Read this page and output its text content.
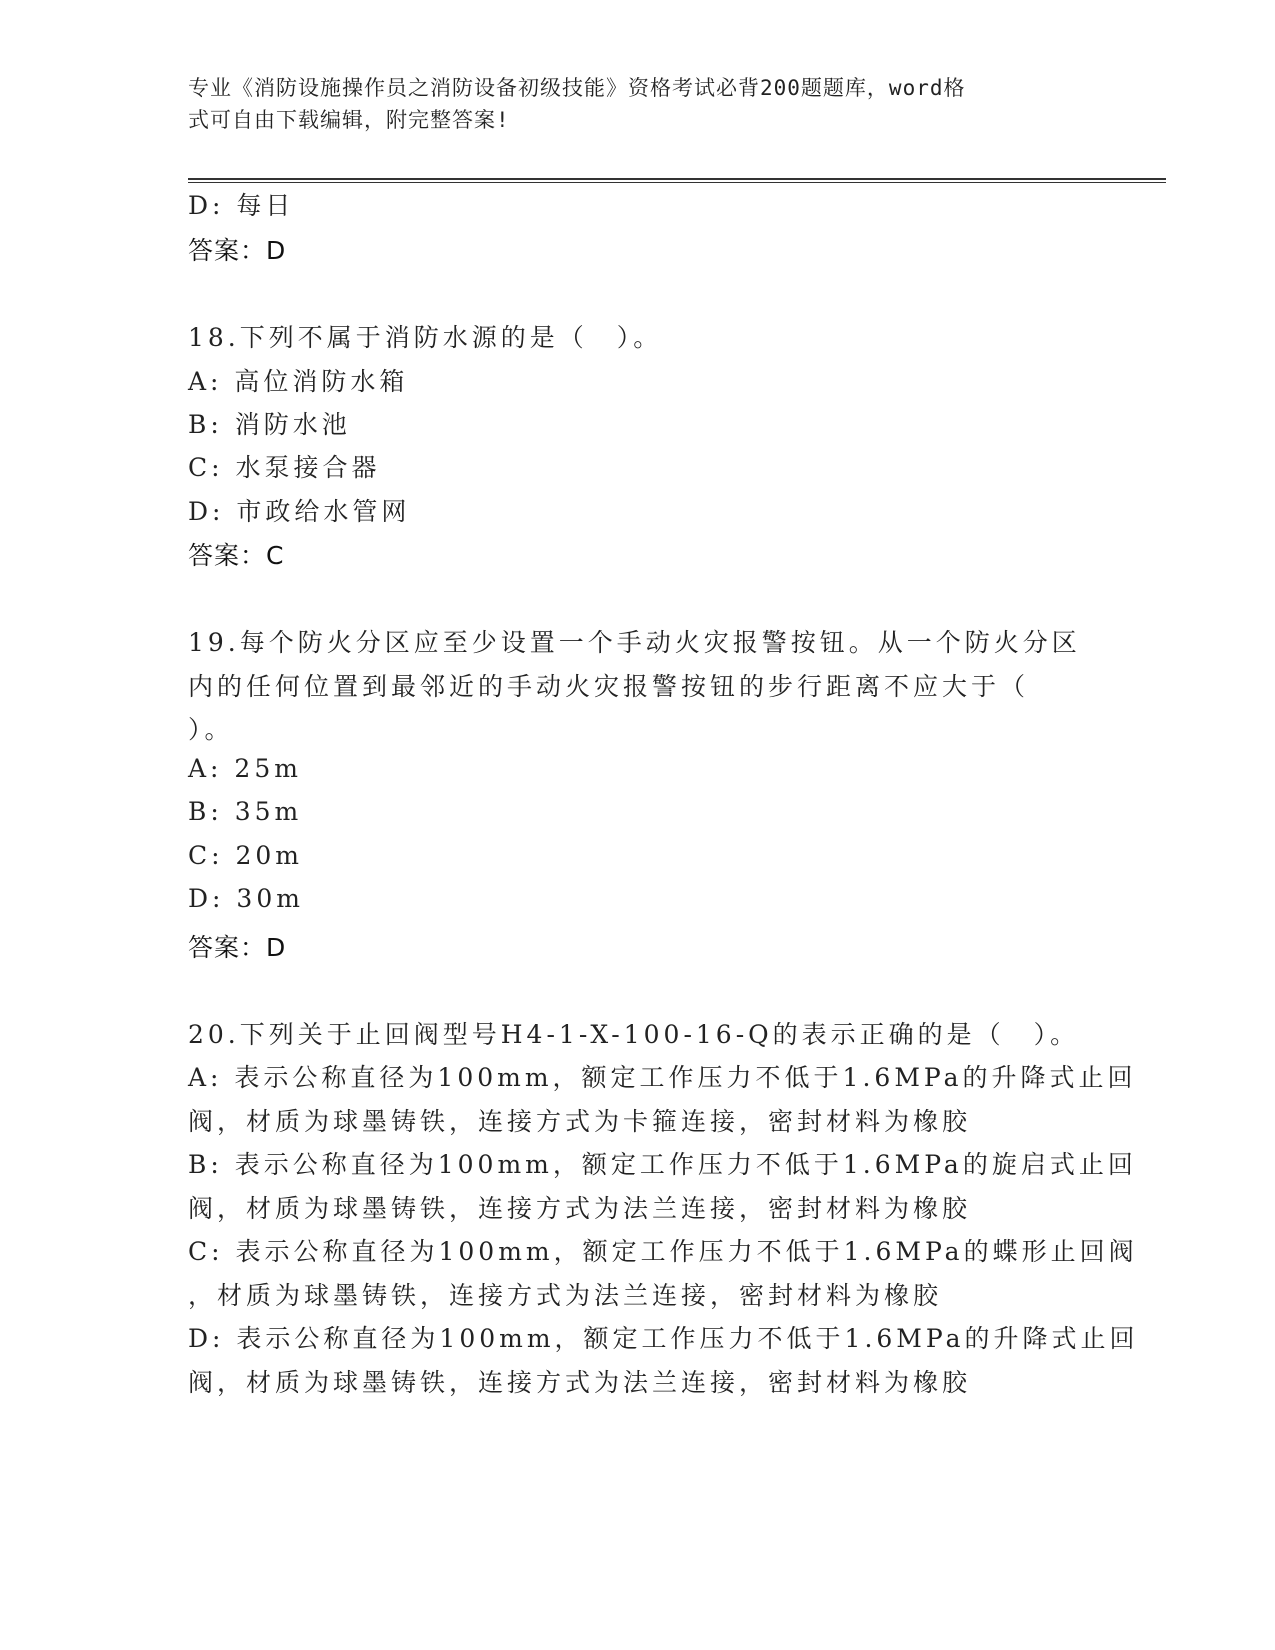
专业《消防设施操作员之消防设备初级技能》资格考试必背200题题库，word格
式可自由下载编辑，附完整答案!
D: 每日
答案：D
18.下列不属于消防水源的是（　）。
A: 高位消防水箱
B: 消防水池
C: 水泵接合器
D: 市政给水管网
答案：C
19.每个防火分区应至少设置一个手动火灾报警按钮。从一个防火分区
内的任何位置到最邻近的手动火灾报警按钮的步行距离不应大于（
）。
A: 25m
B: 35m
C: 20m
D: 30m
答案：D
20.下列关于止回阀型号H4-1-X-100-16-Q的表示正确的是（　）。
A: 表示公称直径为100mm，额定工作压力不低于1.6MPa的升降式止回
阀，材质为球墨铸铁，连接方式为卡箍连接，密封材料为橡胶
B: 表示公称直径为100mm，额定工作压力不低于1.6MPa的旋启式止回
阀，材质为球墨铸铁，连接方式为法兰连接，密封材料为橡胶
C: 表示公称直径为100mm，额定工作压力不低于1.6MPa的蝶形止回阀
，材质为球墨铸铁，连接方式为法兰连接，密封材料为橡胶
D: 表示公称直径为100mm，额定工作压力不低于1.6MPa的升降式止回
阀，材质为球墨铸铁，连接方式为法兰连接，密封材料为橡胶
